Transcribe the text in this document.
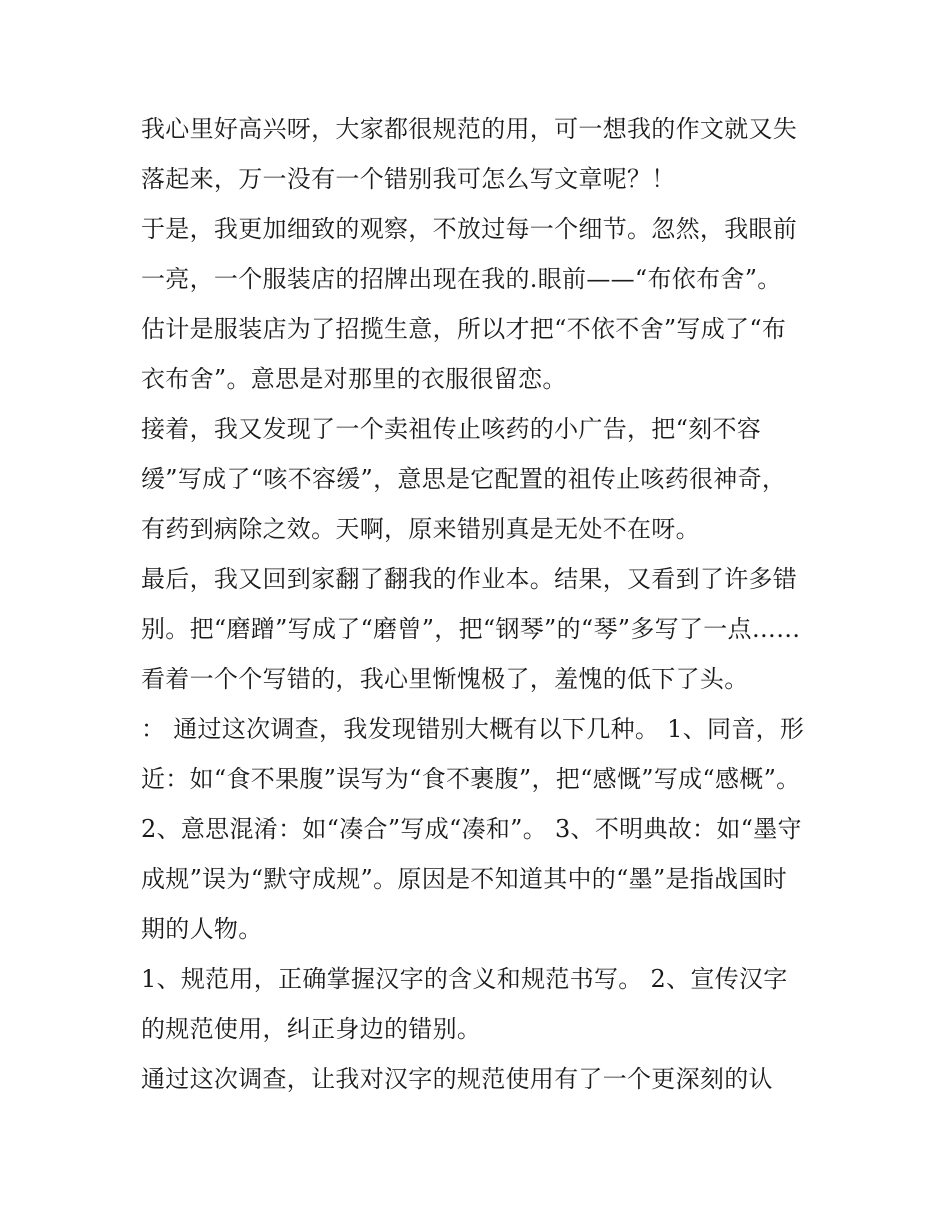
我心里好高兴呀，大家都很规范的用，可一想我的作文就又失
落起来，万一没有一个错别我可怎么写文章呢？！
于是，我更加细致的观察，不放过每一个细节。忽然，我眼前
一亮，一个服装店的招牌出现在我的.眼前——“布依布舍”。
估计是服装店为了招揽生意，所以才把“不依不舍”写成了“布
衣布舍”。意思是对那里的衣服很留恋。
接着，我又发现了一个卖祖传止咳药的小广告，把“刻不容
缓”写成了“咳不容缓”，意思是它配置的祖传止咳药很神奇，
有药到病除之效。天啊，原来错别真是无处不在呀。
最后，我又回到家翻了翻我的作业本。结果，又看到了许多错
别。把“磨蹭”写成了“磨曾”，把“钢琴”的“琴”多写了一点……
看着一个个写错的，我心里惭愧极了，羞愧的低下了头。
： 通过这次调查，我发现错别大概有以下几种。 1、同音，形
近：如“食不果腹”误写为“食不裹腹”，把“感慨”写成“感概”。
2、意思混淆：如“凑合”写成“凑和”。 3、不明典故：如“墨守
成规”误为“默守成规”。原因是不知道其中的“墨”是指战国时
期的人物。
1、规范用，正确掌握汉字的含义和规范书写。 2、宣传汉字
的规范使用，纠正身边的错别。
通过这次调查，让我对汉字的规范使用有了一个更深刻的认
